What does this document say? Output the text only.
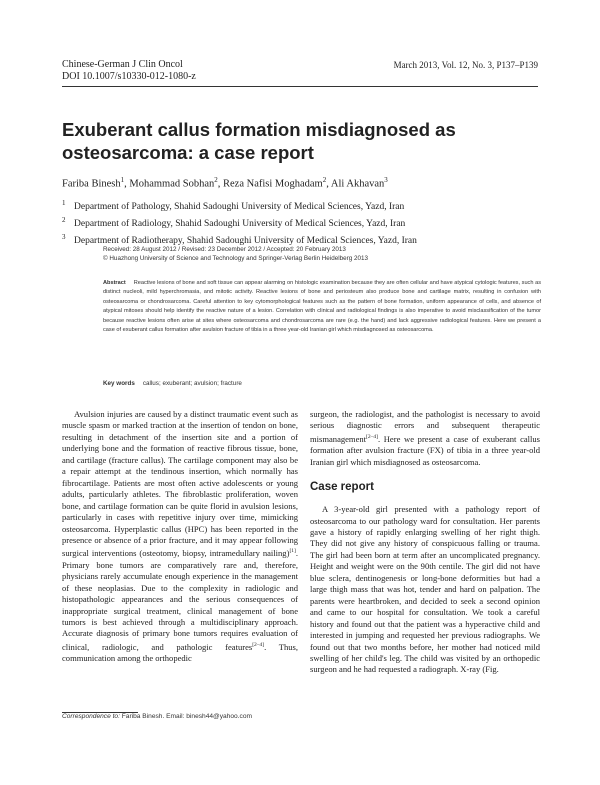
Chinese-German J Clin Oncol
DOI 10.1007/s10330-012-1080-z
March 2013, Vol. 12, No. 3, P137–P139
Exuberant callus formation misdiagnosed as osteosarcoma: a case report
Fariba Binesh$^1$, Mohammad Sobhan$^2$, Reza Nafisi Moghadam$^2$, Ali Akhavan$^3$

$^1$ Department of Pathology, Shahid Sadoughi University of Medical Sciences, Yazd, Iran

$^2$ Department of Radiology, Shahid Sadoughi University of Medical Sciences, Yazd, Iran

$^3$ Department of Radiotherapy, Shahid Sadoughi University of Medical Sciences, Yazd, Iran

Received: 28 August 2012 / Revised: 23 December 2012 / Accepted: 20 February 2013
© Huazhong University of Science and Technology and Springer-Verlag Berlin Heidelberg 2013

Abstract Reactive lesions of bone and soft tissue can appear alarming on histologic examination because they are often cellular and have atypical cytologic features, such as distinct nucleoli, mild hyperchromasia, and mitotic activity. Reactive lesions of bone and periosteum also produce bone and cartilage matrix, resulting in confusion with osteosarcoma or chondrosarcoma. Careful attention to key cytomorphological features such as the pattern of bone formation, uniform appearance of cells, and absence of atypical mitoses should help identify the reactive nature of a lesion. Correlation with clinical and radiological findings is also imperative to avoid misclassification of the tumor because reactive lesions often arise at sites where osteosarcoma and chondrosarcoma are rare (e.g. the hand) and lack aggressive radiological features. Here we present a case of exuberant callus formation after avulsion fracture of tibia in a three year-old Iranian girl which misdiagnosed as osteosarcoma.

Key words callus; exuberant; avulsion; fracture

Avulsion injuries are caused by a distinct traumatic event such as muscle spasm or marked traction at the insertion of tendon on bone, resulting in detachment of the insertion site and a portion of underlying bone and the formation of reactive fibrous tissue, bone, and cartilage (fracture callus). The cartilage component may also be a repair attempt at the tendinous insertion, which normally has fibrocartilage. Patients are most often active adolescents or young adults, particularly athletes. The fibroblastic proliferation, woven bone, and cartilage formation can be quite florid in avulsion lesions, particularly in cases with repetitive injury over time, mimicking osteosarcoma. Hyperplastic callus (HPC) has been reported in the presence or absence of a prior fracture, and it may appear following surgical interventions (osteotomy, biopsy, intramedullary nailing)[1]. Primary bone tumors are comparatively rare and, therefore, physicians rarely accumulate enough experience in the management of these neoplasias. Due to the complexity in radiologic and histopathologic appearances and the serious consequences of inappropriate surgical treatment, clinical management of bone tumors is best achieved through a multidisciplinary approach. Accurate diagnosis of primary bone tumors requires evaluation of clinical, radiologic, and pathologic features[2–4]. Thus, communication among the orthopedic

surgeon, the radiologist, and the pathologist is necessary to avoid serious diagnostic errors and subsequent therapeutic mismanagement[2–4]. Here we present a case of exuberant callus formation after avulsion fracture (FX) of tibia in a three year-old Iranian girl which misdiagnosed as osteosarcoma.

Case report

A 3-year-old girl presented with a pathology report of osteosarcoma to our pathology ward for consultation. Her parents gave a history of rapidly enlarging swelling of her right thigh. They did not give any history of conspicuous falling or trauma. The girl had been born at term after an uncomplicated pregnancy. Height and weight were on the 90th centile. The girl did not have blue sclera, dentinogenesis or long-bone deformities but had a large thigh mass that was hot, tender and hard on palpation. The parents were heartbroken, and decided to seek a second opinion and came to our hospital for consultation. We took a careful history and found out that the patient was a hyperactive child and interested in jumping and requested her previous radiographs. We found out that two months before, her mother had noticed mild swelling of her child's leg. The child was visited by an orthopedic surgeon and he had requested a radiograph. X-ray (Fig.

Correspondence to: Fariba Binesh. Email: binesh44@yahoo.com
